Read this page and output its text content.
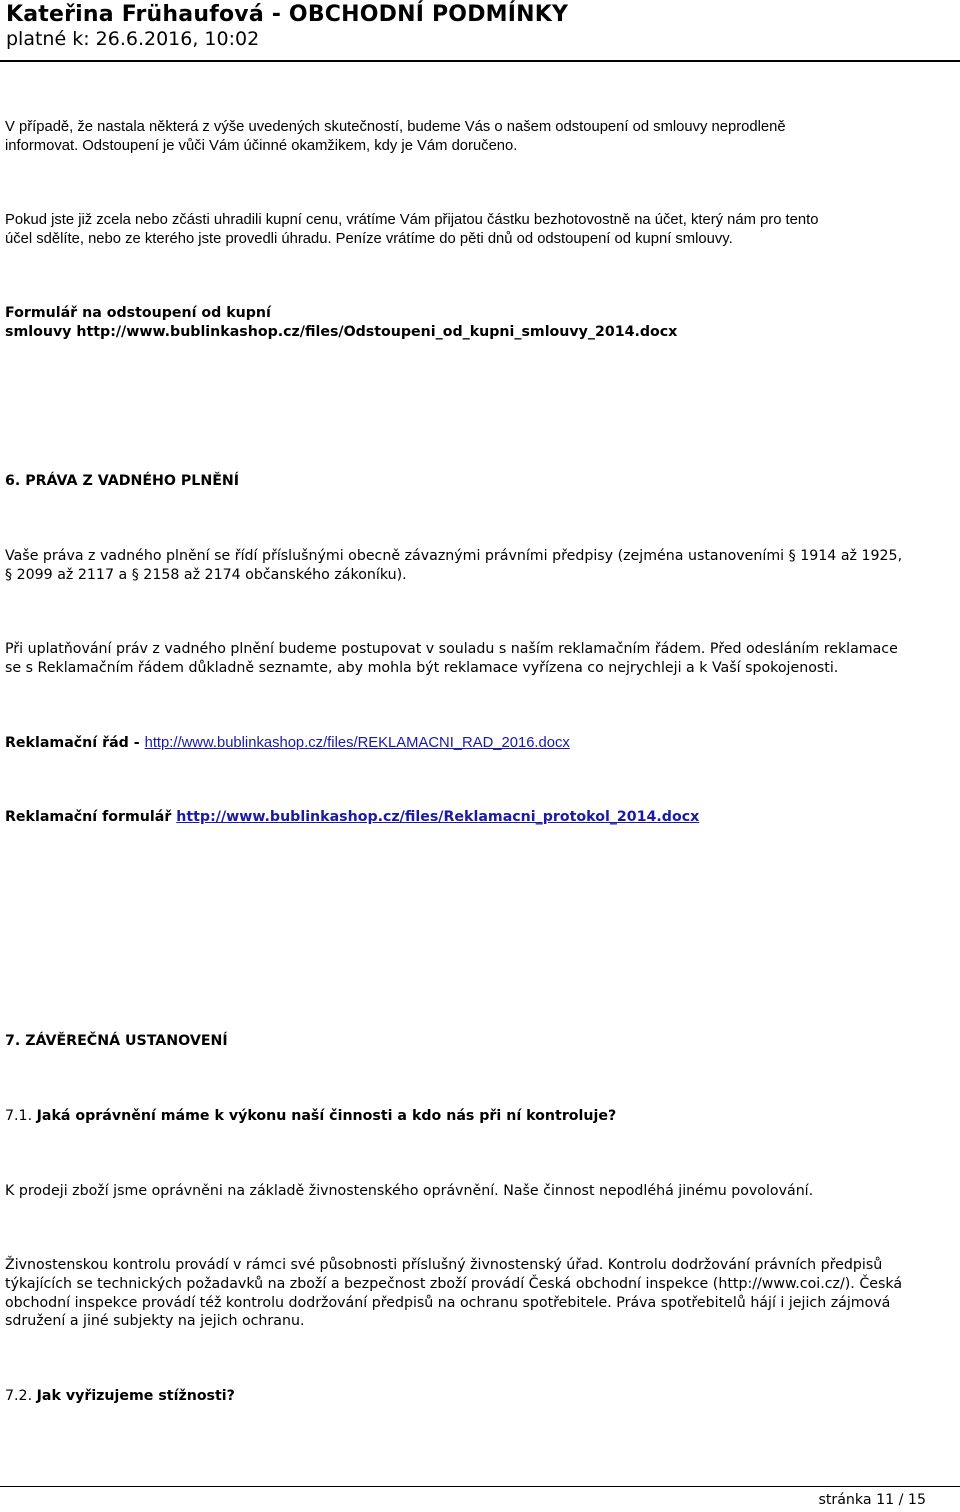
Kateřina Frühaufová - OBCHODNÍ PODMÍNKY
platné k: 26.6.2016, 10:02
V případě, že nastala některá z výše uvedených skutečností, budeme Vás o našem odstoupení od smlouvy neprodleně
informovat. Odstoupení je vůči Vám účinné okamžikem, kdy je Vám doručeno.
Pokud jste již zcela nebo zčásti uhradili kupní cenu, vrátíme Vám přijatou částku bezhotovostně na účet, který nám pro tento
účel sdělíte, nebo ze kterého jste provedli úhradu. Peníze vrátíme do pěti dnů od odstoupení od kupní smlouvy.
Formulář na odstoupení od kupní
smlouvy http://www.bublinkashop.cz/files/Odstoupeni_od_kupni_smlouvy_2014.docx
6. PRÁVA Z VADNÉHO PLNĚNÍ
Vaše práva z vadného plnění se řídí příslušnými obecně závaznými právními předpisy (zejména ustanoveními § 1914 až 1925,
§ 2099 až 2117 a § 2158 až 2174 občanského zákoníku).
Při uplatňování práv z vadného plnění budeme postupovat v souladu s naším reklamačním řádem. Před odesláním reklamace
se s Reklamačním řádem důkladně seznamte, aby mohla být reklamace vyřízena co nejrychleji a k Vaší spokojenosti.
Reklamační řád - http://www.bublinkashop.cz/files/REKLAMACNI_RAD_2016.docx
Reklamační formulář http://www.bublinkashop.cz/files/Reklamacni_protokol_2014.docx
7. ZÁVĚREČNÁ USTANOVENÍ
7.1. Jaká oprávnění máme k výkonu naší činnosti a kdo nás při ní kontroluje?
K prodeji zboží jsme oprávněni na základě živnostenského oprávnění. Naše činnost nepodléhá jinému povolování.
Živnostenskou kontrolu provádí v rámci své působnosti příslušný živnostenský úřad. Kontrolu dodržování právních předpisů
týkajících se technických požadavků na zboží a bezpečnost zboží provádí Česká obchodní inspekce (http://www.coi.cz/). Česká
obchodní inspekce provádí též kontrolu dodržování předpisů na ochranu spotřebitele. Práva spotřebitelů hájí i jejich zájmová
sdružení a jiné subjekty na jejich ochranu.
7.2. Jak vyřizujeme stížnosti?
stránka 11 / 15
